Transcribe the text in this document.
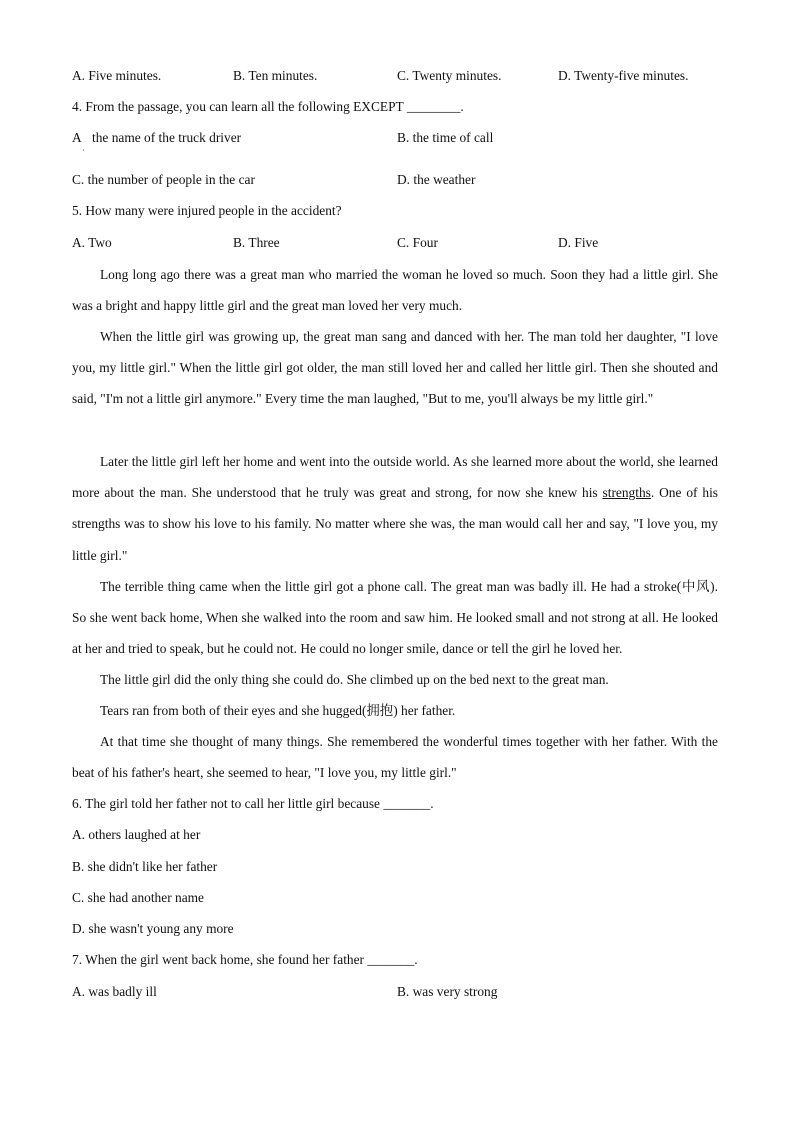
A. Five minutes.	B. Ten minutes.	C. Twenty minutes.	D. Twenty-five minutes.
4. From the passage, you can learn all the following EXCEPT ________.
A
·
the name of the truck driver	B. the time of call
C. the number of people in the car	D. the weather
5. How many were injured people in the accident?
A. Two	B. Three	C. Four	D. Five
Long long ago there was a great man who married the woman he loved so much. Soon they had a little girl. She was a bright and happy little girl and the great man loved her very much.
When the little girl was growing up, the great man sang and danced with her. The man told her daughter, "I love you, my little girl." When the little girl got older, the man still loved her and called her little girl. Then she shouted and said, "I'm not a little girl anymore." Every time the man laughed, "But to me, you'll always be my little girl."
Later the little girl left her home and went into the outside world. As she learned more about the world, she learned more about the man. She understood that he truly was great and strong, for now she knew his strengths. One of his strengths was to show his love to his family. No matter where she was, the man would call her and say, "I love you, my little girl."
The terrible thing came when the little girl got a phone call. The great man was badly ill. He had a stroke(中风). So she went back home, When she walked into the room and saw him. He looked small and not strong at all. He looked at her and tried to speak, but he could not. He could no longer smile, dance or tell the girl he loved her.
The little girl did the only thing she could do. She climbed up on the bed next to the great man.
Tears ran from both of their eyes and she hugged(拥抱) her father.
At that time she thought of many things. She remembered the wonderful times together with her father. With the beat of his father's heart, she seemed to hear, "I love you, my little girl."
6. The girl told her father not to call her little girl because _______.
A. others laughed at her
B. she didn't like her father
C. she had another name
D. she wasn't young any more
7. When the girl went back home, she found her father _______.
A. was badly ill	B. was very strong
